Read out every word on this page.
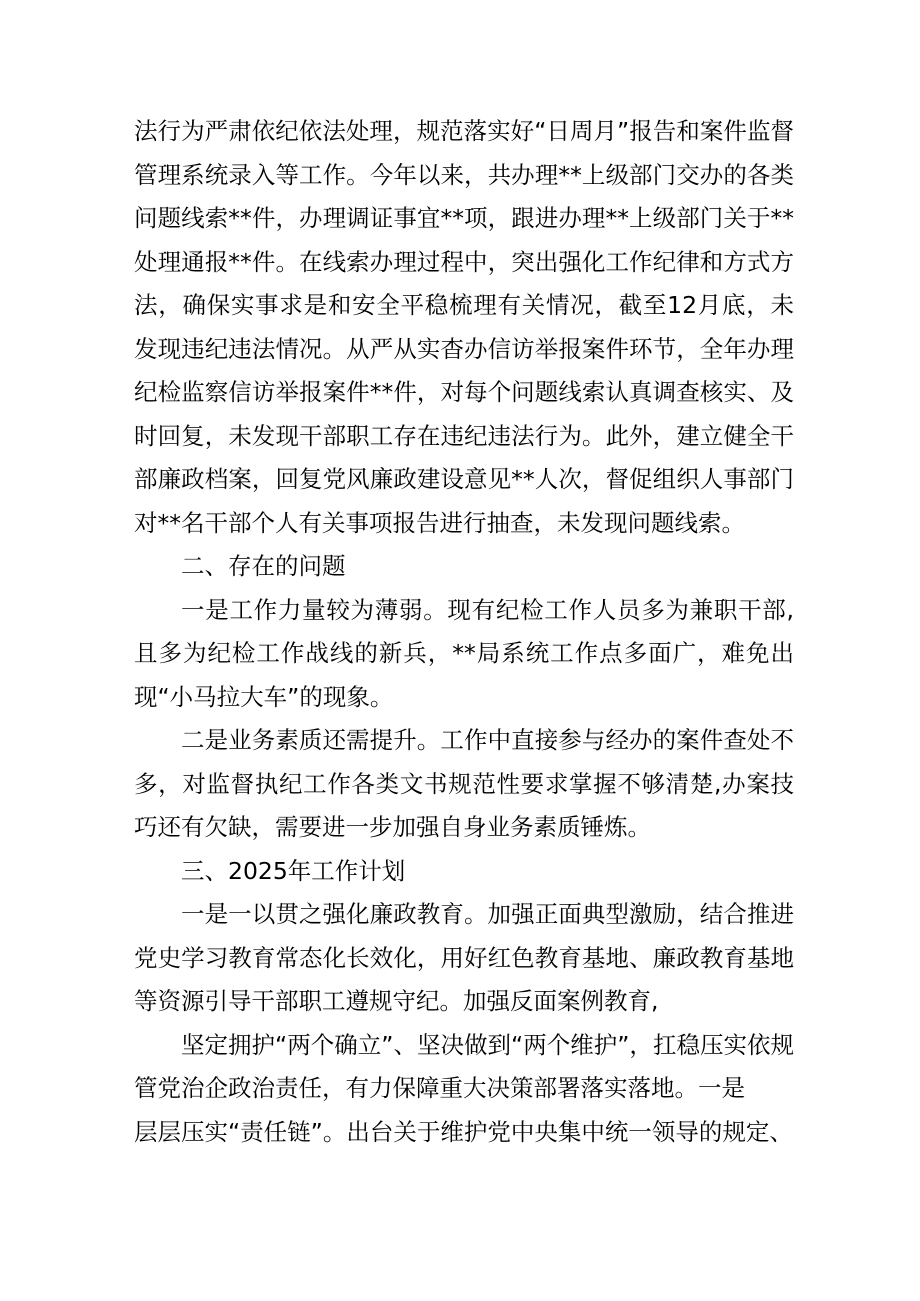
法行为严肃依纪依法处理，规范落实好“日周月”报告和案件监督管理系统录入等工作。今年以来，共办理**上级部门交办的各类问题线索**件，办理调证事宜**项，跟进办理**上级部门关于**处理通报**件。在线索办理过程中，突出强化工作纪律和方式方法，确保实事求是和安全平稳梳理有关情况，截至12月底，未发现违纪违法情况。从严从实杳办信访举报案件环节，全年办理纪检监察信访举报案件**件，对每个问题线索认真调查核实、及时回复，未发现干部职工存在违纪违法行为。此外，建立健全干部廉政档案，回复党风廉政建设意见**人次，督促组织人事部门对**名干部个人有关事项报告进行抽查，未发现问题线索。

二、存在的问题

一是工作力量较为薄弱。现有纪检工作人员多为兼职干部,且多为纪检工作战线的新兵，**局系统工作点多面广，难免出现“小马拉大车”的现象。

二是业务素质还需提升。工作中直接参与经办的案件查处不多，对监督执纪工作各类文书规范性要求掌握不够清楚,办案技巧还有欠缺，需要进一步加强自身业务素质锤炼。

三、2025年工作计划

一是一以贯之强化廉政教育。加强正面典型激励，结合推进党史学习教育常态化长效化，用好红色教育基地、廉政教育基地等资源引导干部职工遵规守纪。加强反面案例教育,

坚定拥护“两个确立”、坚决做到“两个维护”，扛稳压实依规管党治企政治责任，有力保障重大决策部署落实落地。一是

层层压实“责任链”。出台关于维护党中央集中统一领导的规定、
